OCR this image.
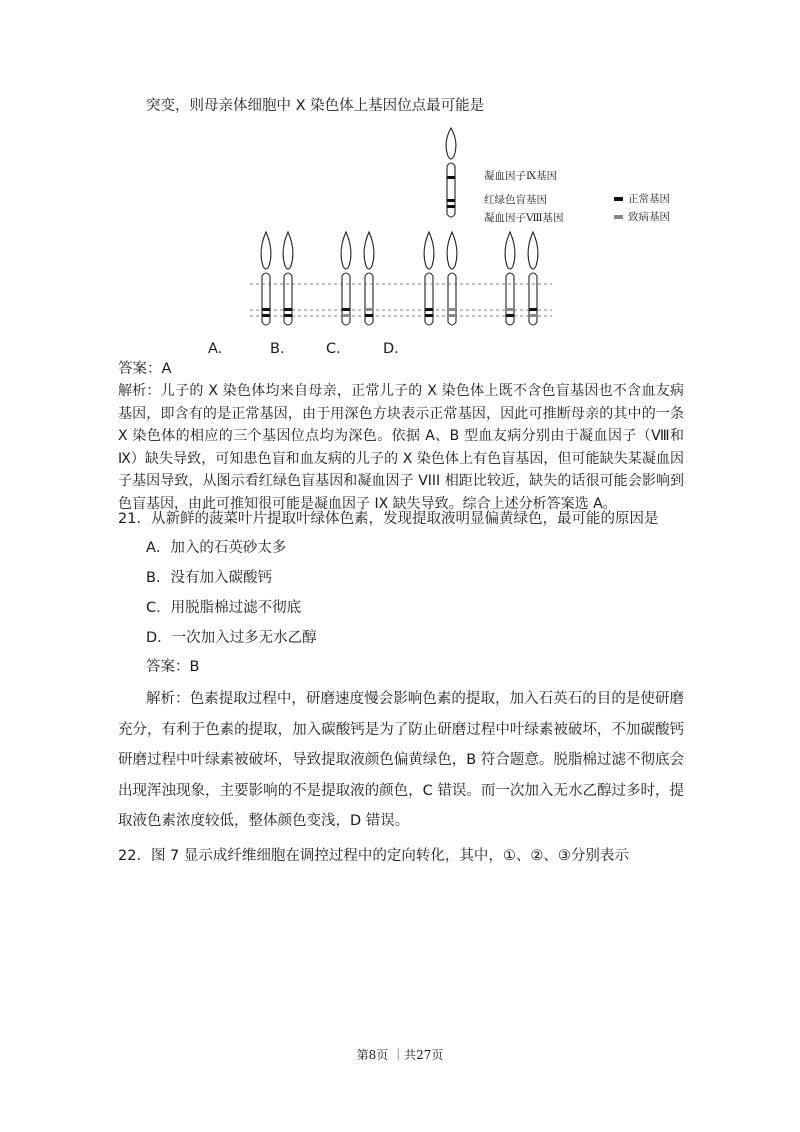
突变，则母亲体细胞中 X 染色体上基因位点最可能是
凝血因子Ⅸ基因
红绿色盲基因
凝血因子Ⅷ基因
正常基因
致病基因
A.	B.	C.	D.
答案：A
解析：儿子的 X 染色体均来自母亲，正常儿子的 X 染色体上既不含色盲基因也不含血友病基因，即含有的是正常基因，由于用深色方块表示正常基因，因此可推断母亲的其中的一条 X 染色体的相应的三个基因位点均为深色。依据 A、B 型血友病分别由于凝血因子（Ⅷ和 Ⅸ）缺失导致，可知患色盲和血友病的儿子的 X 染色体上有色盲基因，但可能缺失某凝血因子基因导致，从图示看红绿色盲基因和凝血因子 VIII 相距比较近，缺失的话很可能会影响到色盲基因，由此可推知很可能是凝血因子 IX 缺失导致。综合上述分析答案选 A。
21．从新鲜的菠菜叶片提取叶绿体色素，发现提取液明显偏黄绿色，最可能的原因是
A．加入的石英砂太多
B．没有加入碳酸钙
C．用脱脂棉过滤不彻底
D．一次加入过多无水乙醇
答案：B
解析：色素提取过程中，研磨速度慢会影响色素的提取，加入石英石的目的是使研磨充分，有利于色素的提取，加入碳酸钙是为了防止研磨过程中叶绿素被破坏，不加碳酸钙研磨过程中叶绿素被破坏，导致提取液颜色偏黄绿色，B 符合题意。脱脂棉过滤不彻底会出现浑浊现象，主要影响的不是提取液的颜色，C 错误。而一次加入无水乙醇过多时，提取液色素浓度较低，整体颜色变浅，D 错误。
22．图 7 显示成纤维细胞在调控过程中的定向转化，其中，①、②、③分别表示
第8页 ｜共27页
